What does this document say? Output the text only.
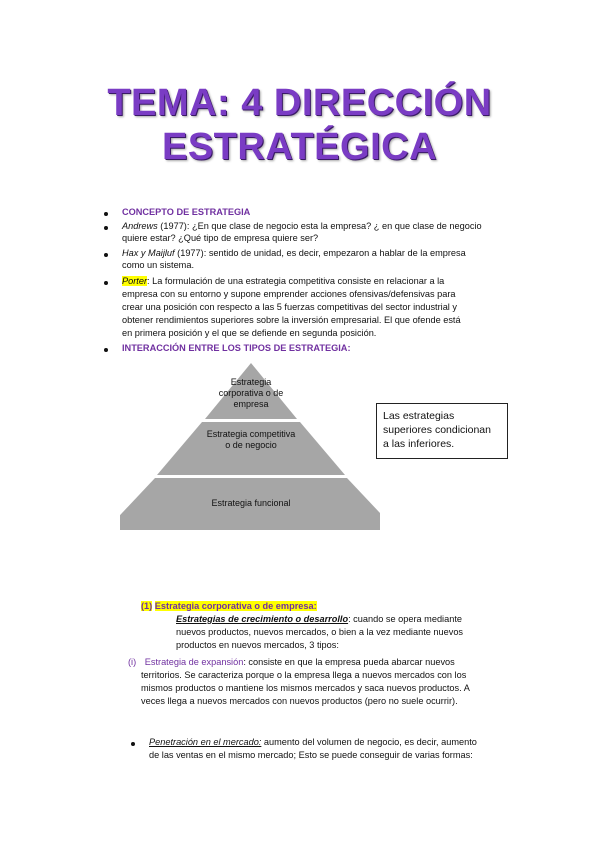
TEMA: 4 DIRECCIÓN
ESTRATÉGICA
CONCEPTO DE ESTRATEGIA
Andrews (1977): ¿En que clase de negocio esta la empresa? ¿ en que clase de negocio
quiere estar? ¿Qué tipo de empresa quiere ser?
Hax y Maijluf (1977): sentido de unidad, es decir, empezaron a hablar de la empresa
como un sistema.
Porter: La formulación de una estrategia competitiva consiste en relacionar a la
empresa con su entorno y supone emprender acciones ofensivas/defensivas para
crear una posición con respecto a las 5 fuerzas competitivas del sector industrial y
obtener rendimientos superiores sobre la inversión empresarial. El que ofende está
en primera posición y el que se defiende en segunda posición.
INTERACCIÓN ENTRE LOS TIPOS DE ESTRATEGIA:
Estrategia
corporativa o de
empresa
Estrategia competitiva
o de negocio
Estrategia funcional
Las estrategias
superiores condicionan
a las inferiores.
(1) Estrategia corporativa o de empresa:
Estrategias de crecimiento o desarrollo: cuando se opera mediante
nuevos productos, nuevos mercados, o bien a la vez mediante nuevos
productos en nuevos mercados, 3 tipos:
(i) Estrategia de expansión: consiste en que la empresa pueda abarcar nuevos
territorios. Se caracteriza porque o la empresa llega a nuevos mercados con los
mismos productos o mantiene los mismos mercados y saca nuevos productos. A
veces llega a nuevos mercados con nuevos productos (pero no suele ocurrir).
Penetración en el mercado: aumento del volumen de negocio, es decir, aumento
de las ventas en el mismo mercado; Esto se puede conseguir de varias formas:
